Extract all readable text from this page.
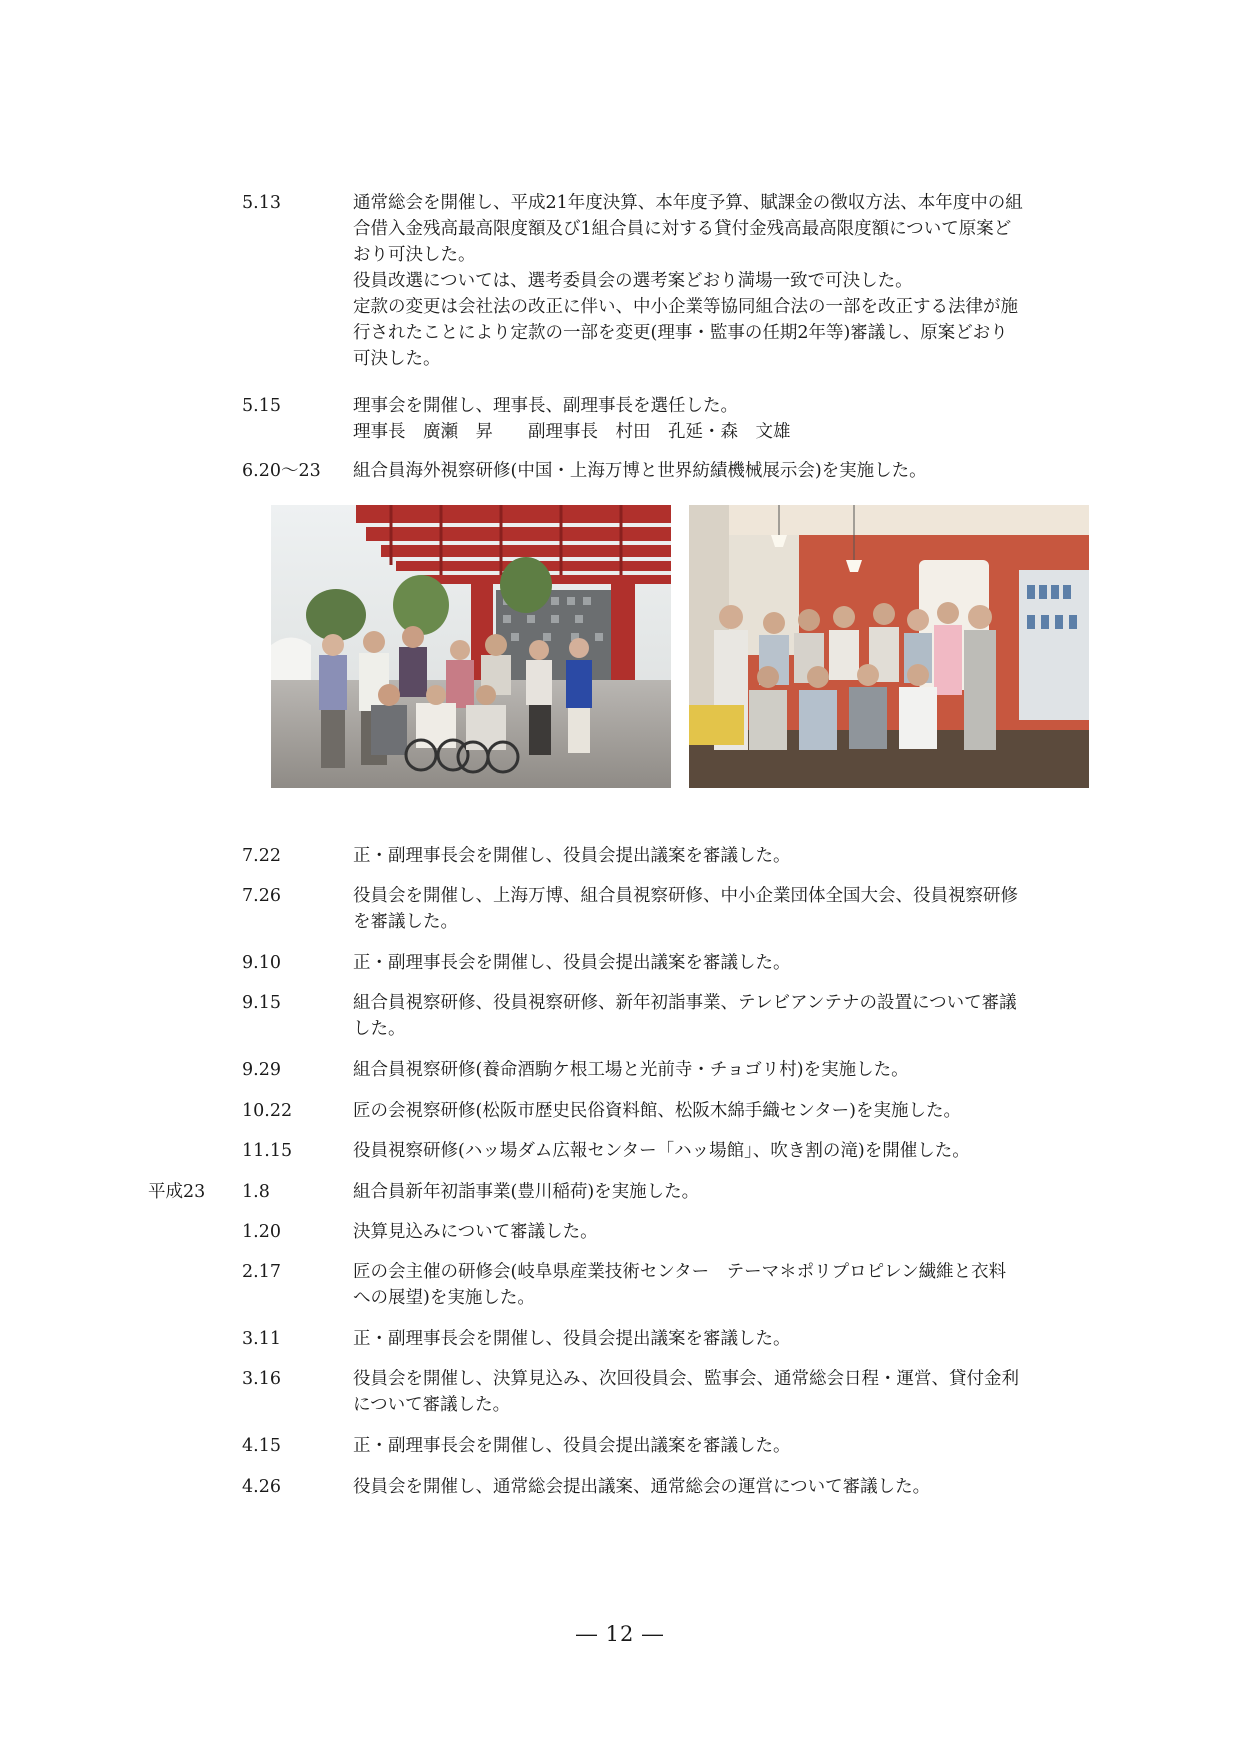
5.13	通常総会を開催し、平成21年度決算、本年度予算、賦課金の徴収方法、本年度中の組
合借入金残高最高限度額及び1組合員に対する貸付金残高最高限度額について原案ど
おり可決した。
役員改選については、選考委員会の選考案どおり満場一致で可決した。
定款の変更は会社法の改正に伴い、中小企業等協同組合法の一部を改正する法律が施
行されたことにより定款の一部を変更(理事・監事の任期2年等)審議し、原案どおり
可決した。
5.15	理事会を開催し、理事長、副理事長を選任した。
理事長　廣瀬　昇　　副理事長　村田　孔延・森　文雄
6.20～23 組合員海外視察研修(中国・上海万博と世界紡績機械展示会)を実施した。
7.22	正・副理事長会を開催し、役員会提出議案を審議した。
7.26	役員会を開催し、上海万博、組合員視察研修、中小企業団体全国大会、役員視察研修
を審議した。
9.10	正・副理事長会を開催し、役員会提出議案を審議した。
9.15	組合員視察研修、役員視察研修、新年初詣事業、テレビアンテナの設置について審議
した。
9.29	組合員視察研修(養命酒駒ケ根工場と光前寺・チョゴリ村)を実施した。
10.22	匠の会視察研修(松阪市歴史民俗資料館、松阪木綿手織センター)を実施した。
11.15	役員視察研修(ハッ場ダム広報センター「ハッ場館」、吹き割の滝)を開催した。
平成23 1.8	組合員新年初詣事業(豊川稲荷)を実施した。
1.20	決算見込みについて審議した。
2.17	匠の会主催の研修会(岐阜県産業技術センター　テーマ＊ポリプロピレン繊維と衣料
への展望)を実施した。
3.11	正・副理事長会を開催し、役員会提出議案を審議した。
3.16	役員会を開催し、決算見込み、次回役員会、監事会、通常総会日程・運営、貸付金利
について審議した。
4.15	正・副理事長会を開催し、役員会提出議案を審議した。
4.26	役員会を開催し、通常総会提出議案、通常総会の運営について審議した。
― 12 ―
